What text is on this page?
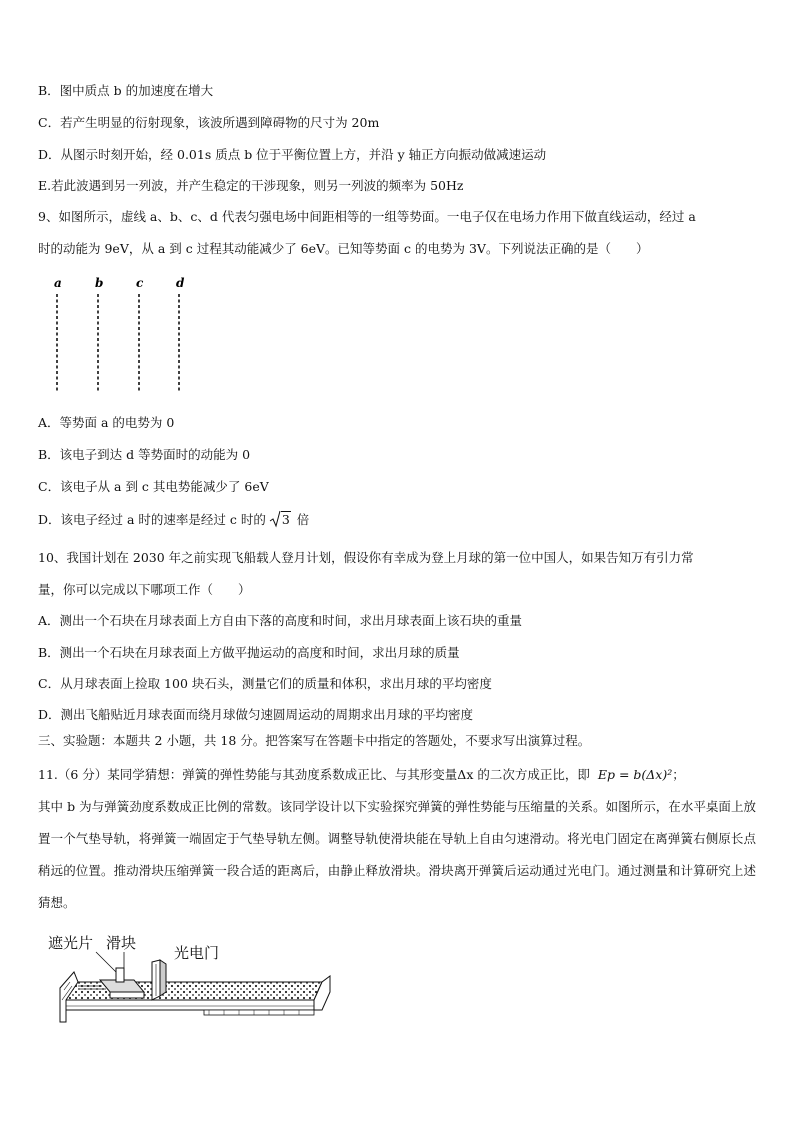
B．图中质点 b 的加速度在增大
C．若产生明显的衍射现象，该波所遇到障碍物的尺寸为 20m
D．从图示时刻开始，经 0.01s 质点 b 位于平衡位置上方，并沿 y 轴正方向振动做减速运动
E.若此波遇到另一列波，并产生稳定的干涉现象，则另一列波的频率为 50Hz
9、如图所示，虚线 a、b、c、d 代表匀强电场中间距相等的一组等势面。一电子仅在电场力作用下做直线运动，经过 a
时的动能为 9eV，从 a 到 c 过程其动能减少了 6eV。已知等势面 c 的电势为 3V。下列说法正确的是（　　）
a	b	c	d
A．等势面 a 的电势为 0
B．该电子到达 d 等势面时的动能为 0
C．该电子从 a 到 c 其电势能减少了 6eV
D．该电子经过 a 时的速率是经过 c 时的 3 倍
10、我国计划在 2030 年之前实现飞船载人登月计划，假设你有幸成为登上月球的第一位中国人，如果告知万有引力常
量，你可以完成以下哪项工作（　　）
A．测出一个石块在月球表面上方自由下落的高度和时间，求出月球表面上该石块的重量
B．测出一个石块在月球表面上方做平抛运动的高度和时间，求出月球的质量
C．从月球表面上捡取 100 块石头，测量它们的质量和体积，求出月球的平均密度
D．测出飞船贴近月球表面而绕月球做匀速圆周运动的周期求出月球的平均密度
三、实验题：本题共 2 小题，共 18 分。把答案写在答题卡中指定的答题处，不要求写出演算过程。
11.（6 分）某同学猜想：弹簧的弹性势能与其劲度系数成正比、与其形变量Δx 的二次方成正比，即 Ep = b(Δx)²；
其中 b 为与弹簧劲度系数成正比例的常数。该同学设计以下实验探究弹簧的弹性势能与压缩量的关系。如图所示，在水平桌面上放置一个气垫导轨，将弹簧一端固定于气垫导轨左侧。调整导轨使滑块能在导轨上自由匀速滑动。将光电门固定在离弹簧右侧原长点稍远的位置。推动滑块压缩弹簧一段合适的距离后，由静止释放滑块。滑块离开弹簧后运动通过光电门。通过测量和计算研究上述猜想。
遮光片 滑块
光电门
